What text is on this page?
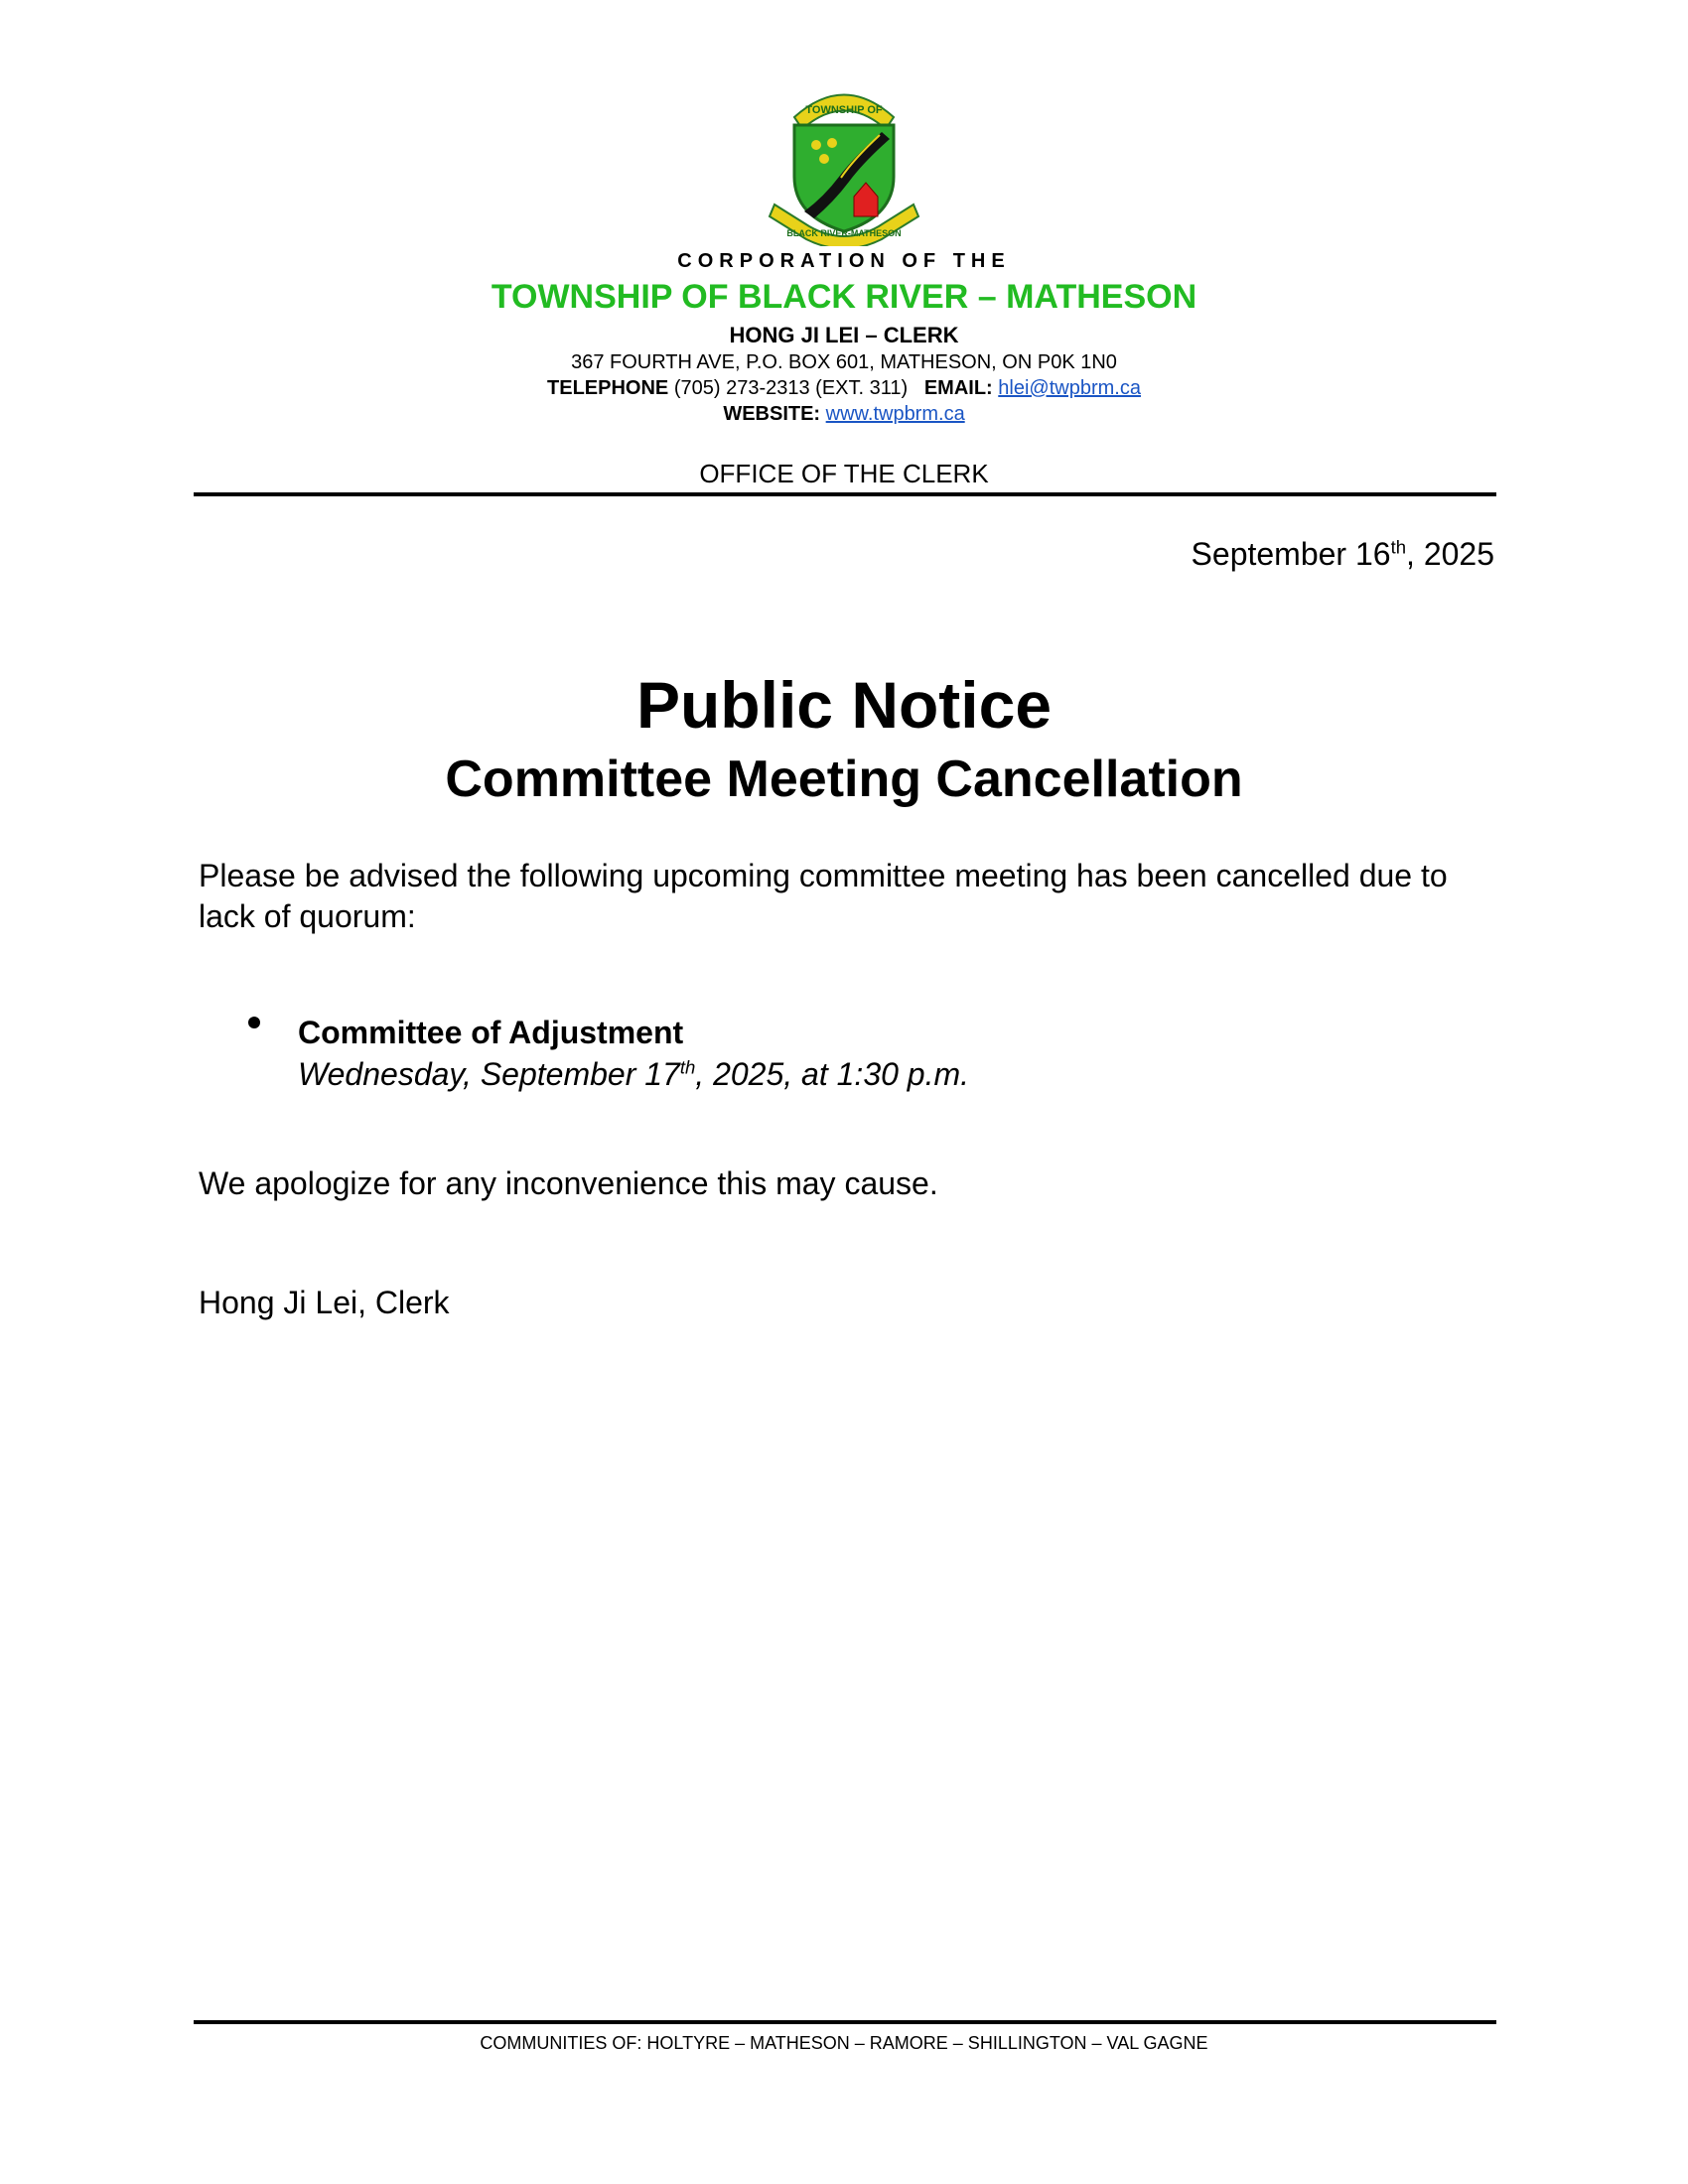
TOWNSHIP OF
BLACK RIVER-MATHESON
CORPORATION OF THE
TOWNSHIP OF BLACK RIVER – MATHESON
HONG JI LEI – CLERK
367 FOURTH AVE, P.O. BOX 601, MATHESON, ON P0K 1N0
TELEPHONE (705) 273-2313 (EXT. 311) EMAIL: hlei@twpbrm.ca
WEBSITE: www.twpbrm.ca
OFFICE OF THE CLERK
September 16th, 2025
Public Notice
Committee Meeting Cancellation
Please be advised the following upcoming committee meeting has been cancelled due to lack of quorum:
Committee of Adjustment
Wednesday, September 17th, 2025, at 1:30 p.m.
We apologize for any inconvenience this may cause.
Hong Ji Lei, Clerk
COMMUNITIES OF: HOLTYRE – MATHESON – RAMORE – SHILLINGTON – VAL GAGNE
